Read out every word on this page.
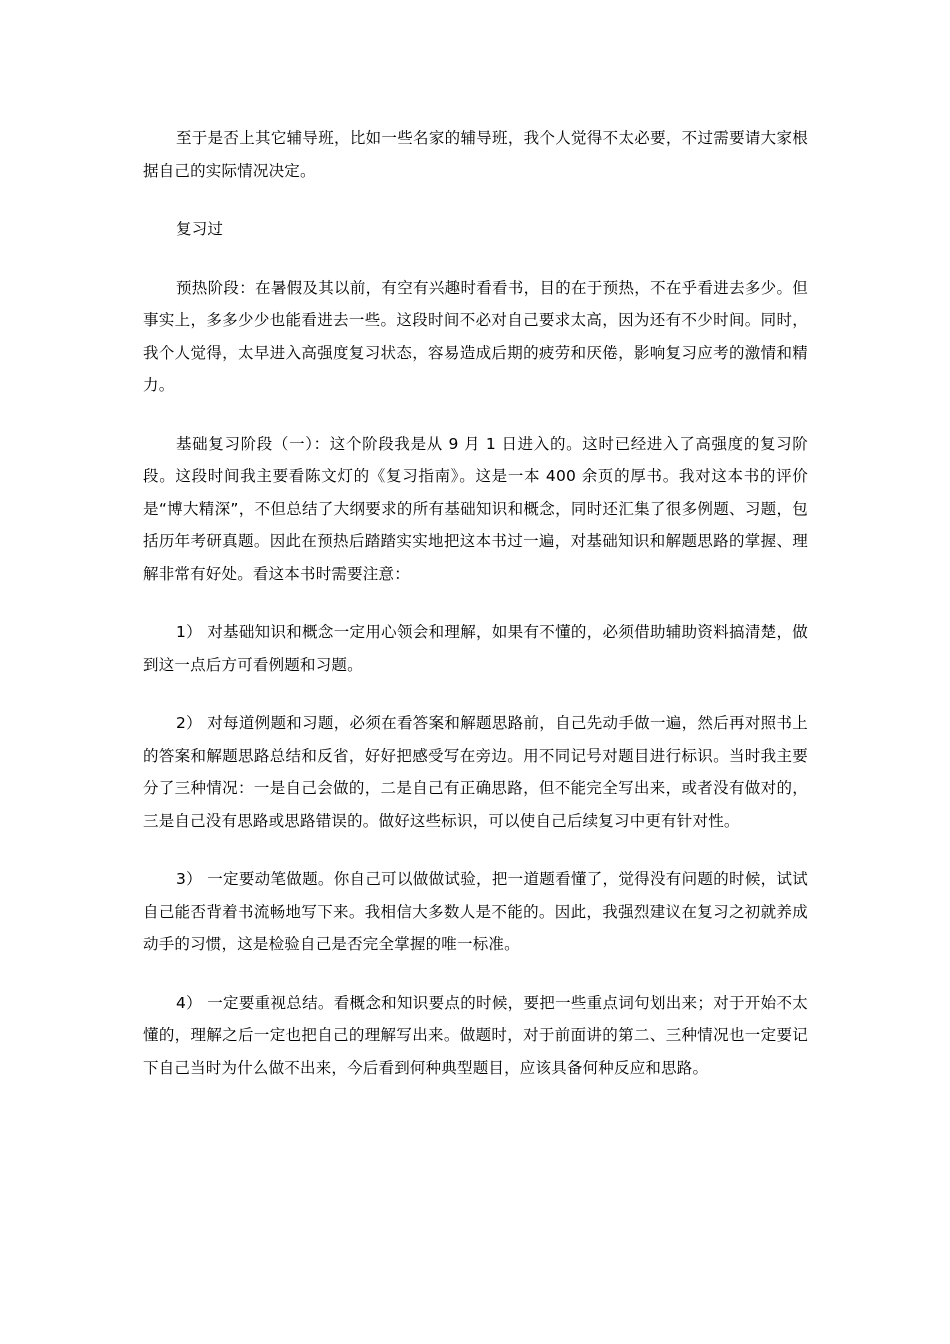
至于是否上其它辅导班，比如一些名家的辅导班，我个人觉得不太必要，不过需要请大家根据自己的实际情况决定。

复习过

预热阶段：在暑假及其以前，有空有兴趣时看看书，目的在于预热，不在乎看进去多少。但事实上，多多少少也能看进去一些。这段时间不必对自己要求太高，因为还有不少时间。同时，我个人觉得，太早进入高强度复习状态，容易造成后期的疲劳和厌倦，影响复习应考的激情和精力。

基础复习阶段（一）：这个阶段我是从 9 月 1 日进入的。这时已经进入了高强度的复习阶段。这段时间我主要看陈文灯的《复习指南》。这是一本 400 余页的厚书。我对这本书的评价是“博大精深”，不但总结了大纲要求的所有基础知识和概念，同时还汇集了很多例题、习题，包括历年考研真题。因此在预热后踏踏实实地把这本书过一遍，对基础知识和解题思路的掌握、理解非常有好处。看这本书时需要注意：

1） 对基础知识和概念一定用心领会和理解，如果有不懂的，必须借助辅助资料搞清楚，做到这一点后方可看例题和习题。

2） 对每道例题和习题，必须在看答案和解题思路前，自己先动手做一遍，然后再对照书上的答案和解题思路总结和反省，好好把感受写在旁边。用不同记号对题目进行标识。当时我主要分了三种情况：一是自己会做的，二是自己有正确思路，但不能完全写出来，或者没有做对的，三是自己没有思路或思路错误的。做好这些标识，可以使自己后续复习中更有针对性。

3） 一定要动笔做题。你自己可以做做试验，把一道题看懂了，觉得没有问题的时候，试试自己能否背着书流畅地写下来。我相信大多数人是不能的。因此，我强烈建议在复习之初就养成动手的习惯，这是检验自己是否完全掌握的唯一标准。

4） 一定要重视总结。看概念和知识要点的时候，要把一些重点词句划出来；对于开始不太懂的，理解之后一定也把自己的理解写出来。做题时，对于前面讲的第二、三种情况也一定要记下自己当时为什么做不出来，今后看到何种典型题目，应该具备何种反应和思路。
